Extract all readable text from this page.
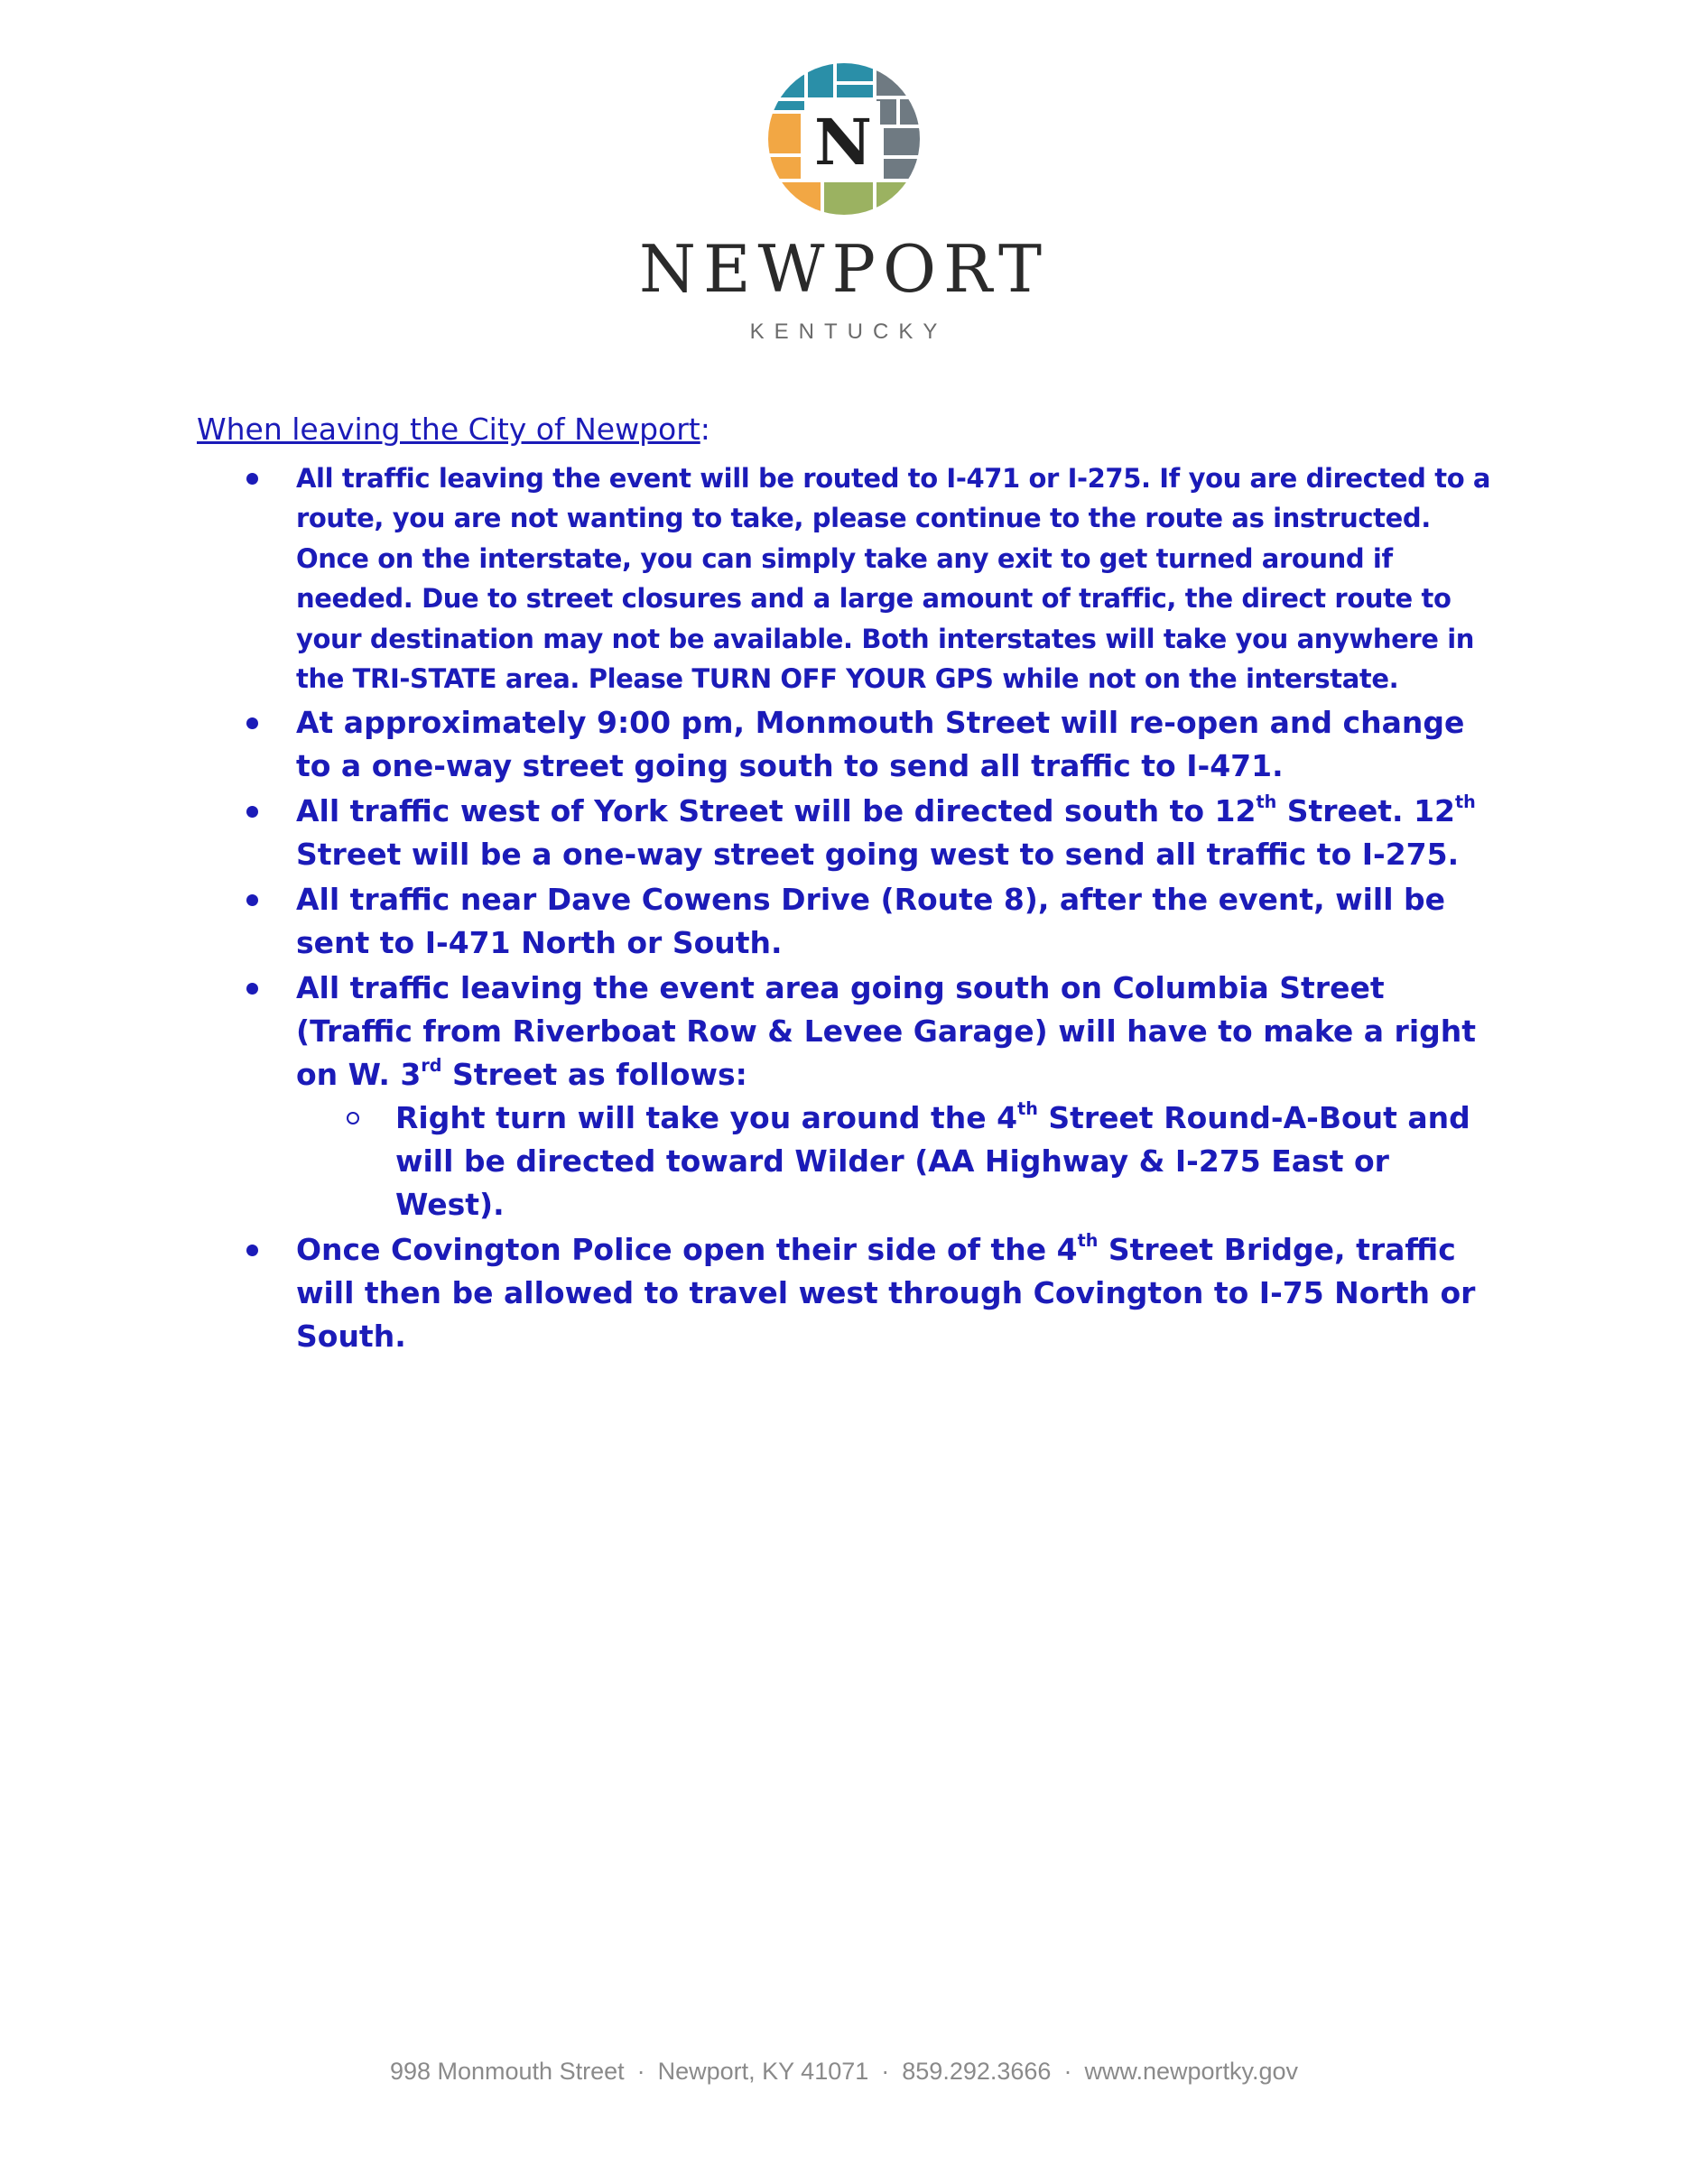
N
NEWPORT
KENTUCKY

When leaving the City of Newport:

All traffic leaving the event will be routed to I-471 or I-275. If you are directed to a route, you are not wanting to take, please continue to the route as instructed. Once on the interstate, you can simply take any exit to get turned around if needed. Due to street closures and a large amount of traffic, the direct route to your destination may not be available. Both interstates will take you anywhere in the TRI-STATE area. Please TURN OFF YOUR GPS while not on the interstate.
At approximately 9:00 pm, Monmouth Street will re-open and change to a one-way street going south to send all traffic to I-471.
All traffic west of York Street will be directed south to 12th Street. 12th Street will be a one-way street going west to send all traffic to I-275.
All traffic near Dave Cowens Drive (Route 8), after the event, will be sent to I-471 North or South.
All traffic leaving the event area going south on Columbia Street (Traffic from Riverboat Row & Levee Garage) will have to make a right on W. 3rd Street as follows:
Right turn will take you around the 4th Street Round-A-Bout and will be directed toward Wilder (AA Highway & I-275 East or West).
Once Covington Police open their side of the 4th Street Bridge, traffic will then be allowed to travel west through Covington to I-75 North or South.
998 Monmouth Street · Newport, KY 41071 · 859.292.3666 · www.newportky.gov
